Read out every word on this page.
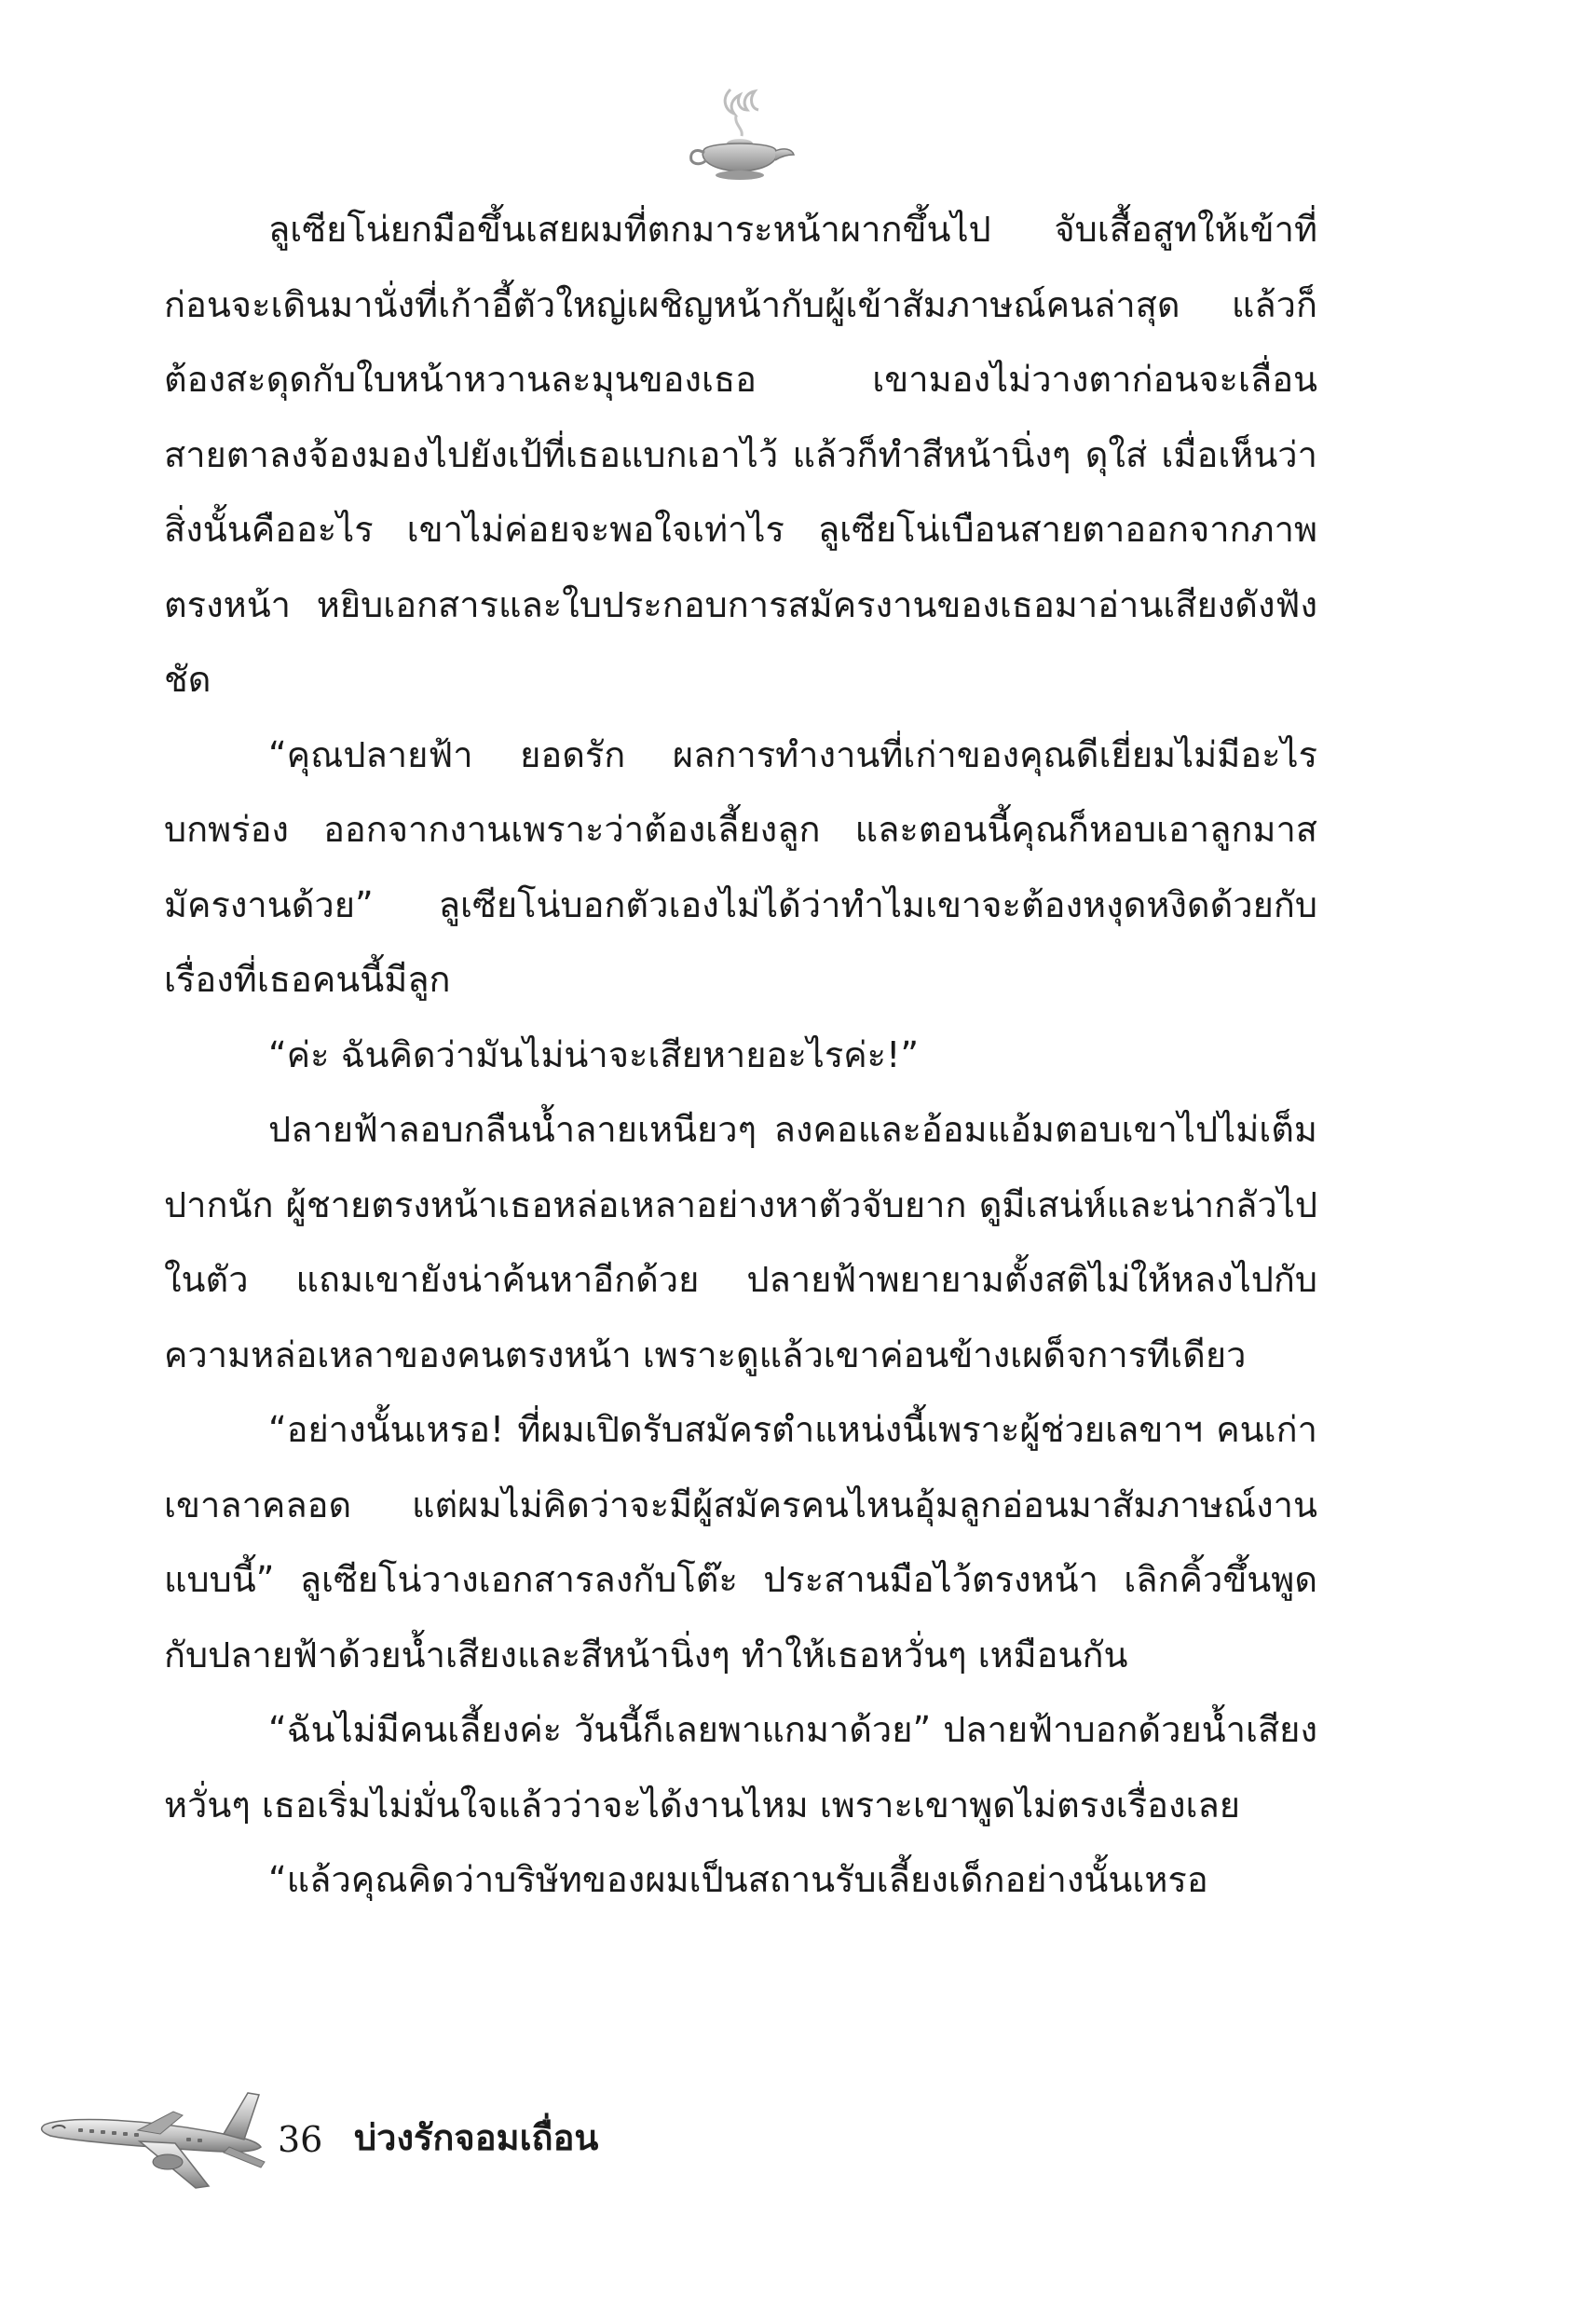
ลูเซียโน่ยกมือขึ้นเสยผมที่ตกมาระหน้าผากขึ้นไป จับเสื้อสูทให้เข้าที่ ก่อนจะเดินมานั่งที่เก้าอี้ตัวใหญ่เผชิญหน้ากับผู้เข้าสัมภาษณ์คนล่าสุด แล้วก็ต้องสะดุดกับใบหน้าหวานละมุนของเธอ เขามองไม่วางตาก่อนจะเลื่อนสายตาลงจ้องมองไปยังเป้ที่เธอแบกเอาไว้ แล้วก็ทำสีหน้านิ่งๆ ดุใส่ เมื่อเห็นว่าสิ่งนั้นคืออะไร เขาไม่ค่อยจะพอใจเท่าไร ลูเซียโน่เบือนสายตาออกจากภาพตรงหน้า หยิบเอกสารและใบประกอบการสมัครงานของเธอมาอ่านเสียงดังฟังชัด

“คุณปลายฟ้า ยอดรัก ผลการทำงานที่เก่าของคุณดีเยี่ยมไม่มีอะไรบกพร่อง ออกจากงานเพราะว่าต้องเลี้ยงลูก และตอนนี้คุณก็หอบเอาลูกมาสมัครงานด้วย” ลูเซียโน่บอกตัวเองไม่ได้ว่าทำไมเขาจะต้องหงุดหงิดด้วยกับเรื่องที่เธอคนนี้มีลูก

“ค่ะ ฉันคิดว่ามันไม่น่าจะเสียหายอะไรค่ะ!”

ปลายฟ้าลอบกลืนน้ำลายเหนียวๆ ลงคอและอ้อมแอ้มตอบเขาไปไม่เต็มปากนัก ผู้ชายตรงหน้าเธอหล่อเหลาอย่างหาตัวจับยาก ดูมีเสน่ห์และน่ากลัวไปในตัว แถมเขายังน่าค้นหาอีกด้วย ปลายฟ้าพยายามตั้งสติไม่ให้หลงไปกับความหล่อเหลาของคนตรงหน้า เพราะดูแล้วเขาค่อนข้างเผด็จการทีเดียว

“อย่างนั้นเหรอ! ที่ผมเปิดรับสมัครตำแหน่งนี้เพราะผู้ช่วยเลขาฯ คนเก่าเขาลาคลอด แต่ผมไม่คิดว่าจะมีผู้สมัครคนไหนอุ้มลูกอ่อนมาสัมภาษณ์งานแบบนี้” ลูเซียโน่วางเอกสารลงกับโต๊ะ ประสานมือไว้ตรงหน้า เลิกคิ้วขึ้นพูดกับปลายฟ้าด้วยน้ำเสียงและสีหน้านิ่งๆ ทำให้เธอหวั่นๆ เหมือนกัน

“ฉันไม่มีคนเลี้ยงค่ะ วันนี้ก็เลยพาแกมาด้วย” ปลายฟ้าบอกด้วยน้ำเสียงหวั่นๆ เธอเริ่มไม่มั่นใจแล้วว่าจะได้งานไหม เพราะเขาพูดไม่ตรงเรื่องเลย

“แล้วคุณคิดว่าบริษัทของผมเป็นสถานรับเลี้ยงเด็กอย่างนั้นเหรอ

36 บ่วงรักจอมเถื่อน
